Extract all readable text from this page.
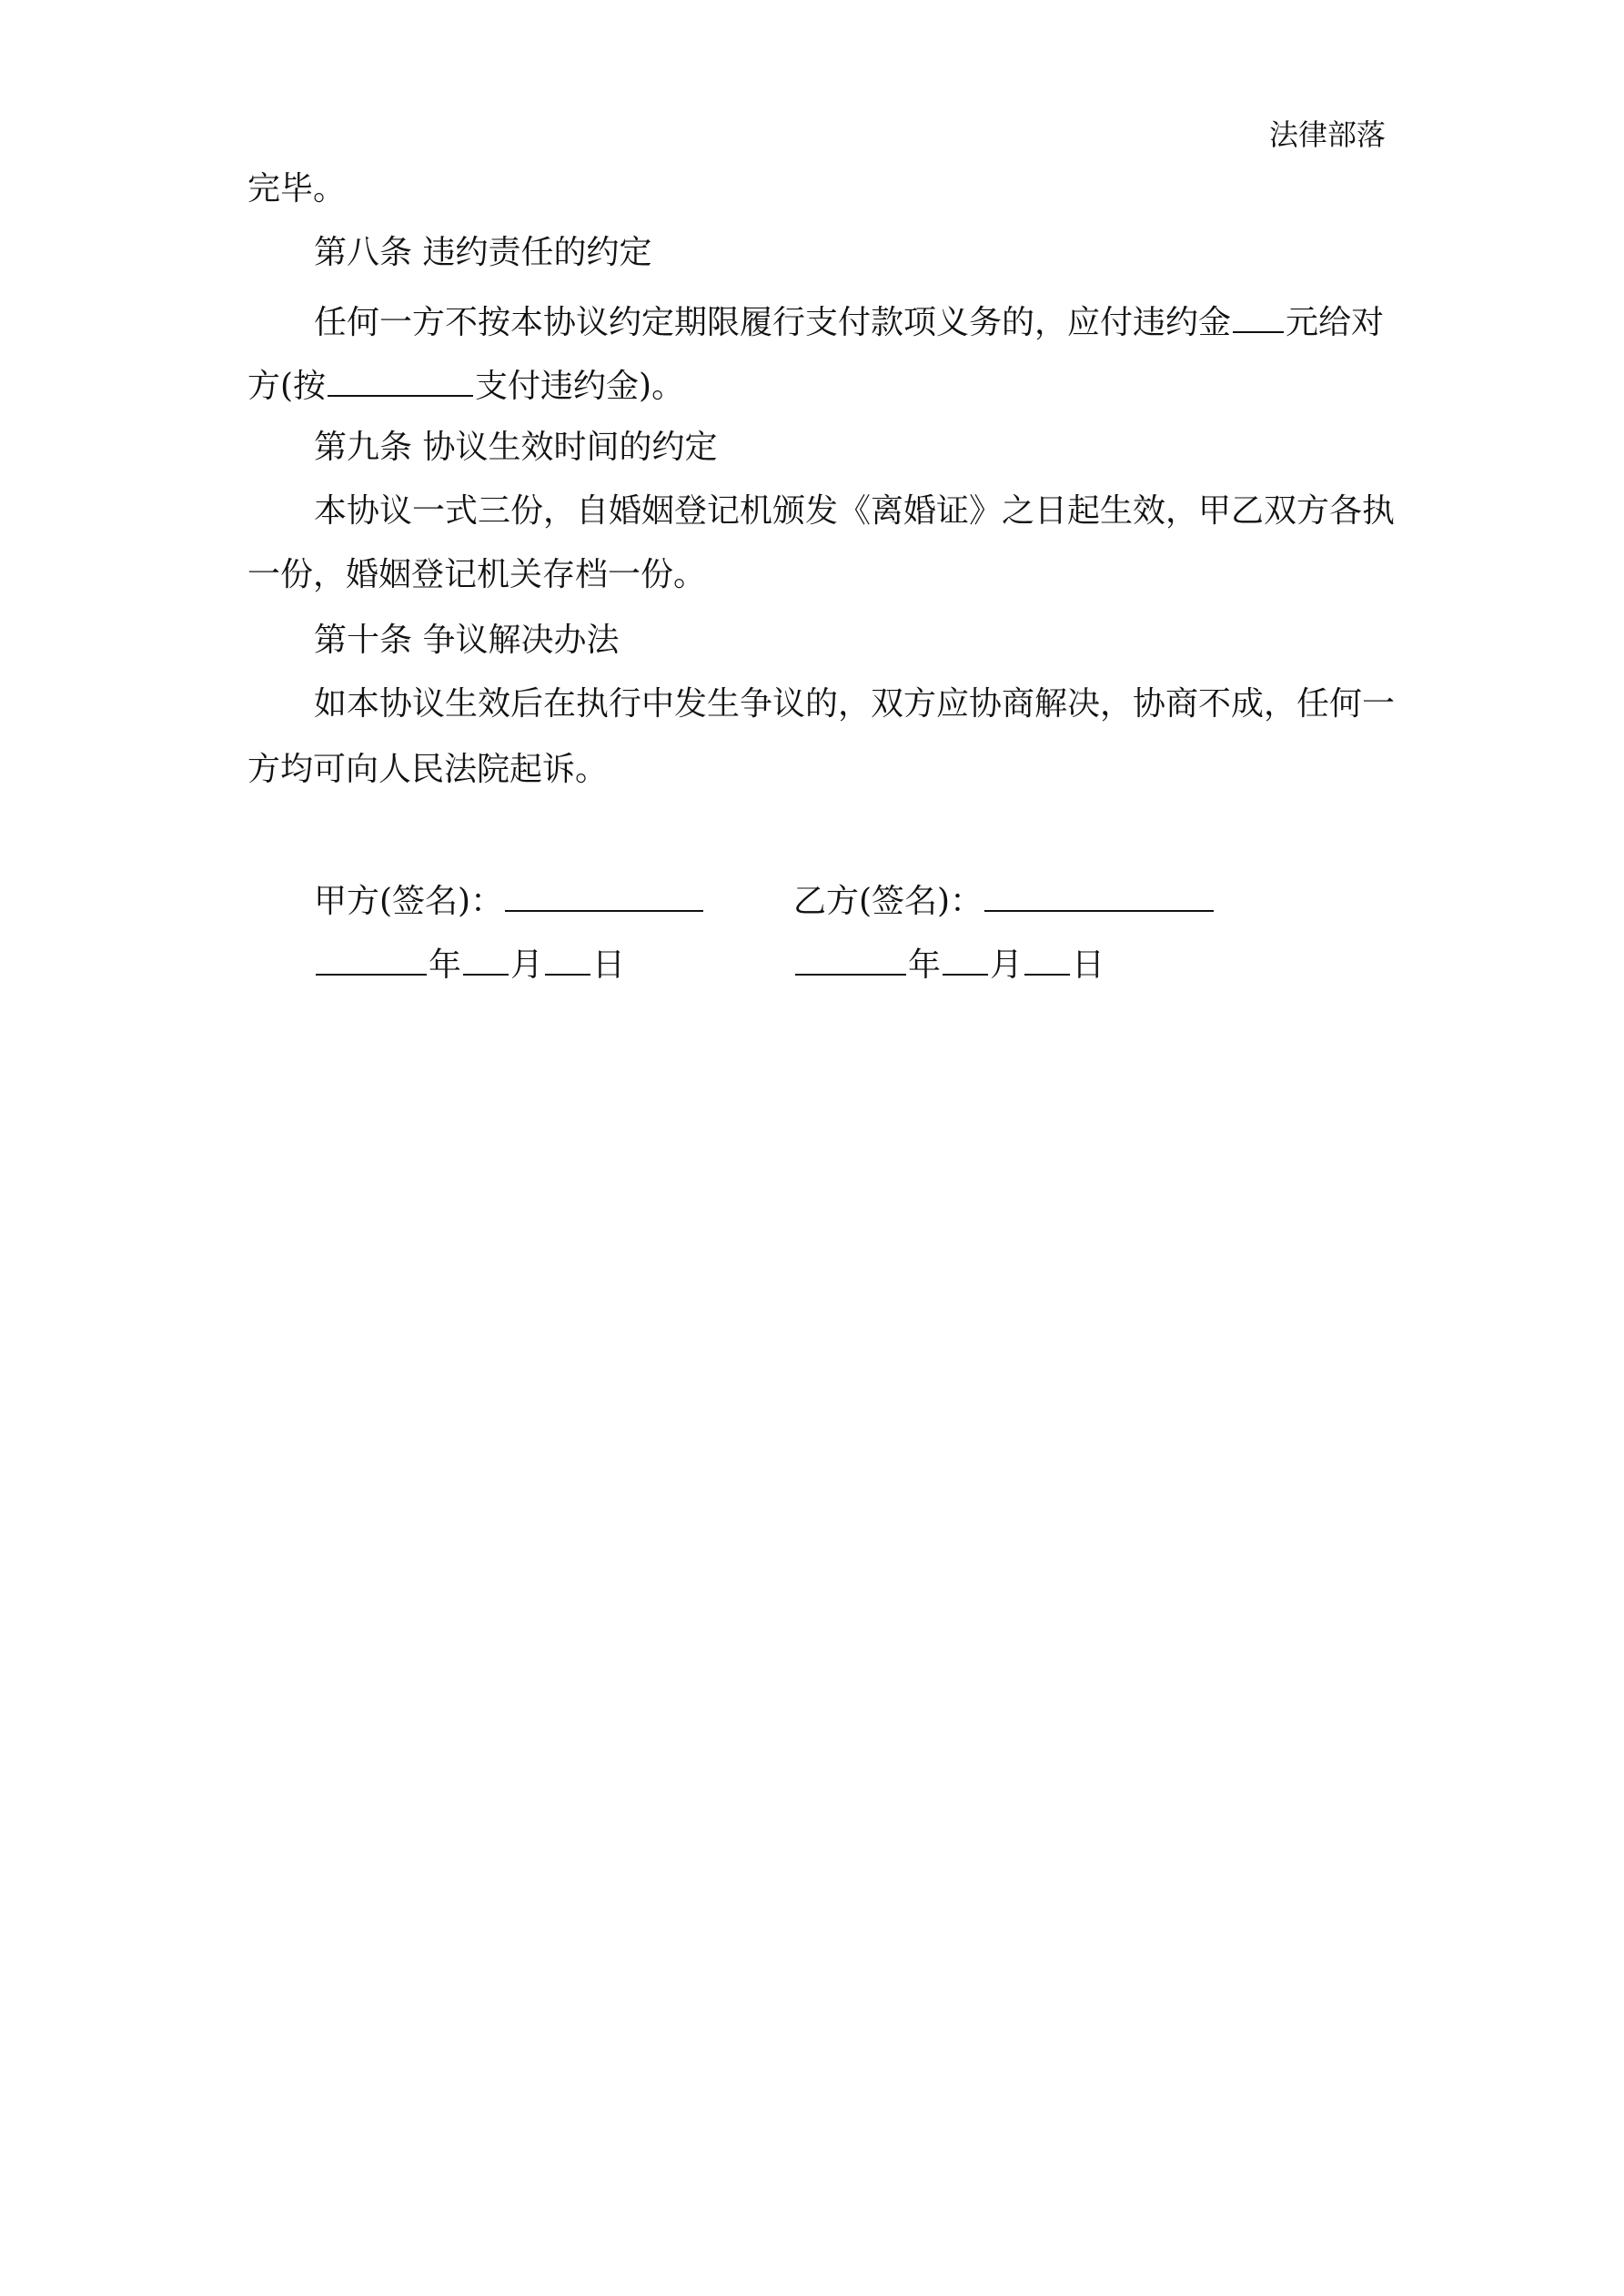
法律部落
完毕。
第八条 违约责任的约定
任何一方不按本协议约定期限履行支付款项义务的，应付违约金 元给对
方(按	支付违约金)。
第九条 协议生效时间的约定
本协议一式三份，自婚姻登记机颁发《离婚证》之日起生效，甲乙双方各执
一份，婚姻登记机关存档一份。
第十条 争议解决办法
如本协议生效后在执行中发生争议的，双方应协商解决，协商不成，任何一
方均可向人民法院起诉。
甲方(签名)：	乙方(签名)：
年 月 日	年 月 日
